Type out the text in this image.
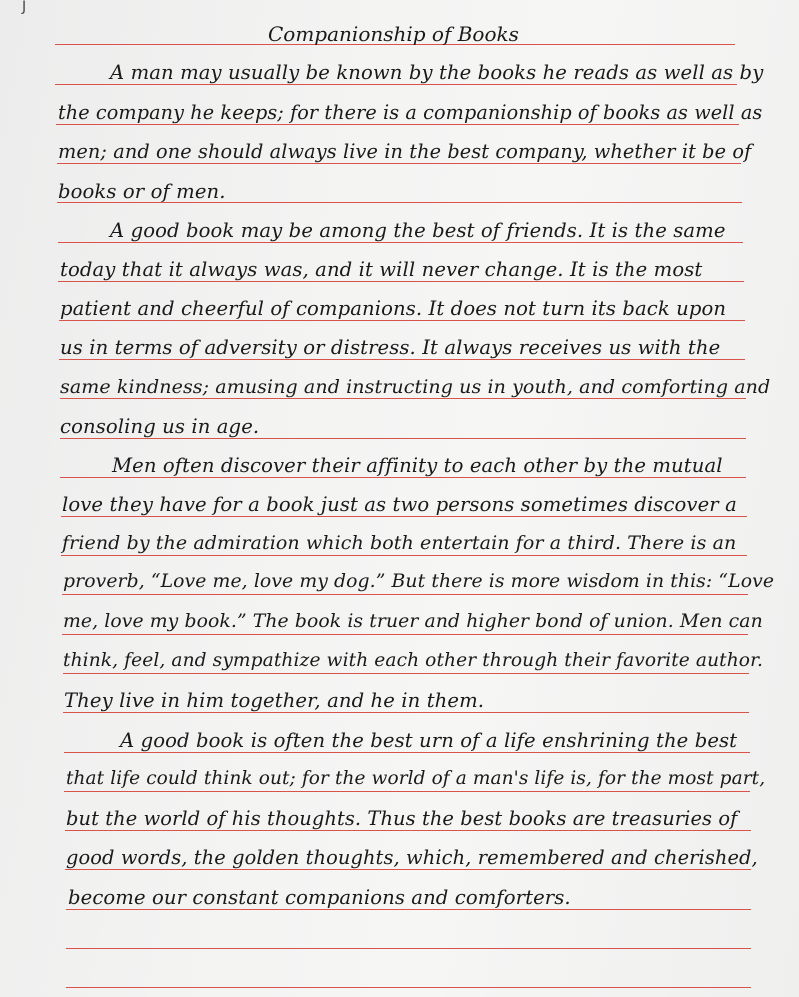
J
Companionship of Books
A man may usually be known by the books he reads as well as by
the company he keeps; for there is a companionship of books as well as
men; and one should always live in the best company, whether it be of
books or of men.
A good book may be among the best of friends. It is the same
today that it always was, and it will never change. It is the most
patient and cheerful of companions. It does not turn its back upon
us in terms of adversity or distress. It always receives us with the
same kindness; amusing and instructing us in youth, and comforting and
consoling us in age.
Men often discover their affinity to each other by the mutual
love they have for a book just as two persons sometimes discover a
friend by the admiration which both entertain for a third. There is an
proverb, “Love me, love my dog.” But there is more wisdom in this: “Love
me, love my book.” The book is truer and higher bond of union. Men can
think, feel, and sympathize with each other through their favorite author.
They live in him together, and he in them.
A good book is often the best urn of a life enshrining the best
that life could think out; for the world of a man's life is, for the most part,
but the world of his thoughts. Thus the best books are treasuries of
good words, the golden thoughts, which, remembered and cherished,
become our constant companions and comforters.
